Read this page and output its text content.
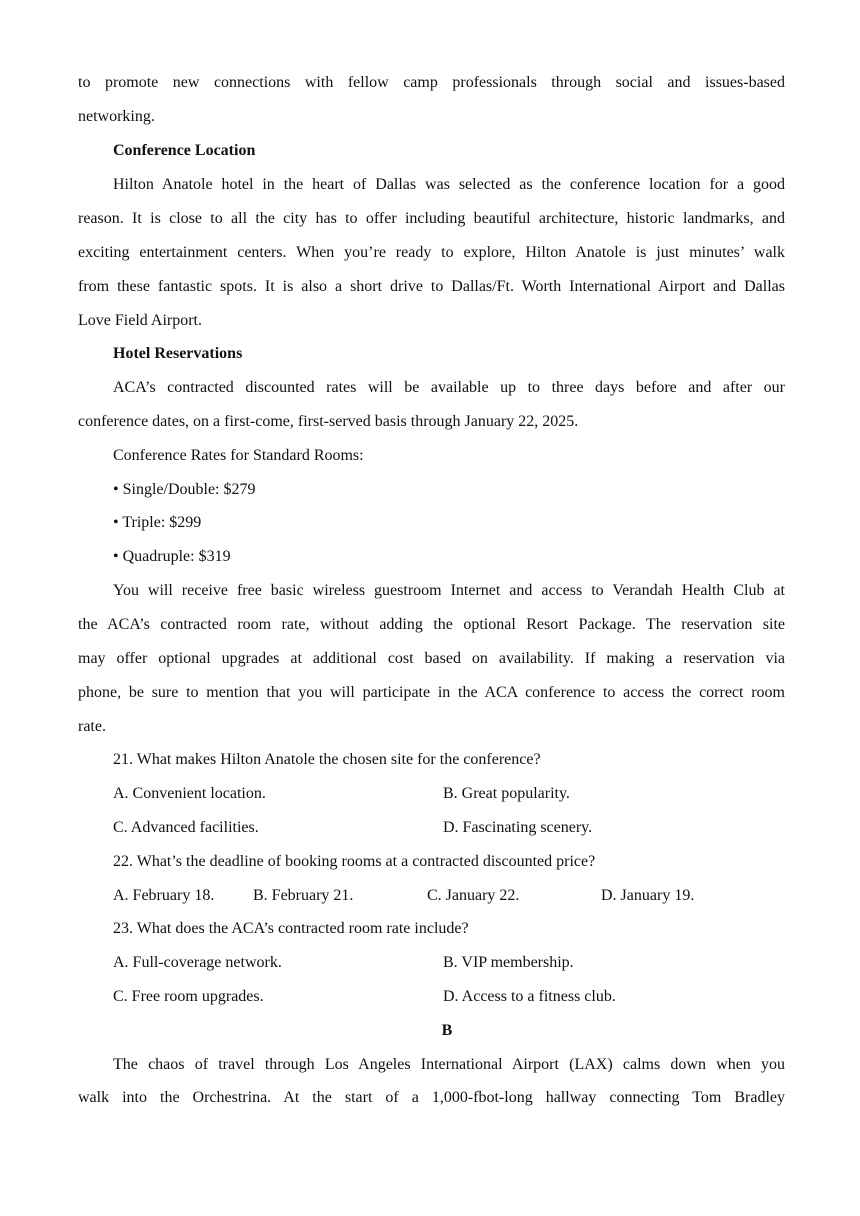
to promote new connections with fellow camp professionals through social and issues-based

networking.

Conference Location

Hilton Anatole hotel in the heart of Dallas was selected as the conference location for a good

reason. It is close to all the city has to offer including beautiful architecture, historic landmarks, and

exciting entertainment centers. When you’re ready to explore, Hilton Anatole is just minutes’ walk

from these fantastic spots. It is also a short drive to Dallas/Ft. Worth International Airport and Dallas

Love Field Airport.

Hotel Reservations

ACA’s contracted discounted rates will be available up to three days before and after our

conference dates, on a first-come, first-served basis through January 22, 2025.

Conference Rates for Standard Rooms:

• Single/Double: $279

• Triple: $299

• Quadruple: $319

You will receive free basic wireless guestroom Internet and access to Verandah Health Club at

the ACA’s contracted room rate, without adding the optional Resort Package. The reservation site

may offer optional upgrades at additional cost based on availability. If making a reservation via

phone, be sure to mention that you will participate in the ACA conference to access the correct room

rate.

21. What makes Hilton Anatole the chosen site for the conference?

A. Convenient location.	B. Great popularity.
C. Advanced facilities.	D. Fascinating scenery.

22. What’s the deadline of booking rooms at a contracted discounted price?

A. February 18. B. February 21.	C. January 22.	D. January 19.

23. What does the ACA’s contracted room rate include?

A. Full-coverage network.	B. VIP membership.
C. Free room upgrades.	D. Access to a fitness club.

B

The chaos of travel through Los Angeles International Airport (LAX) calms down when you

walk into the Orchestrina. At the start of a 1,000-fbot-long hallway connecting Tom Bradley
